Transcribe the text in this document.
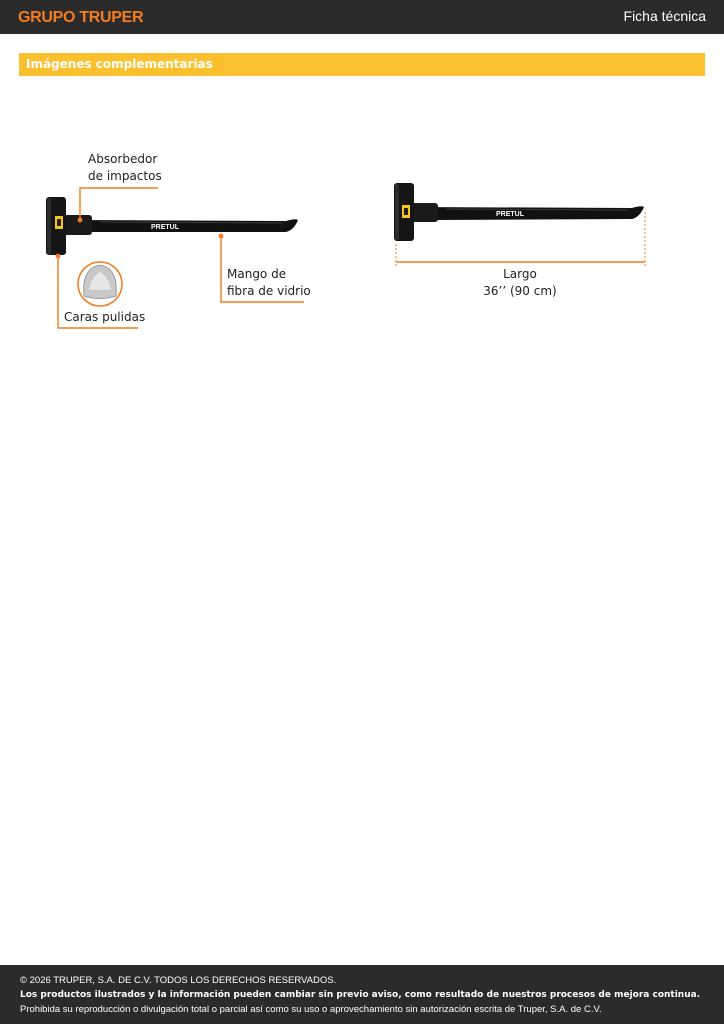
GRUPO TRUPER	Ficha técnica
Imágenes complementarias
PRETUL
PRETUL
Absorbedor
de impactos
Mango de
fibra de vidrio
Caras pulidas
Largo
36’’ (90 cm)
© 2026 TRUPER, S.A. DE C.V. TODOS LOS DERECHOS RESERVADOS.
Los productos ilustrados y la información pueden cambiar sin previo aviso, como resultado de nuestros procesos de mejora continua.
Prohibida su reproducción o divulgación total o parcial así como su uso o aprovechamiento sin autorización escrita de Truper, S.A. de C.V.
